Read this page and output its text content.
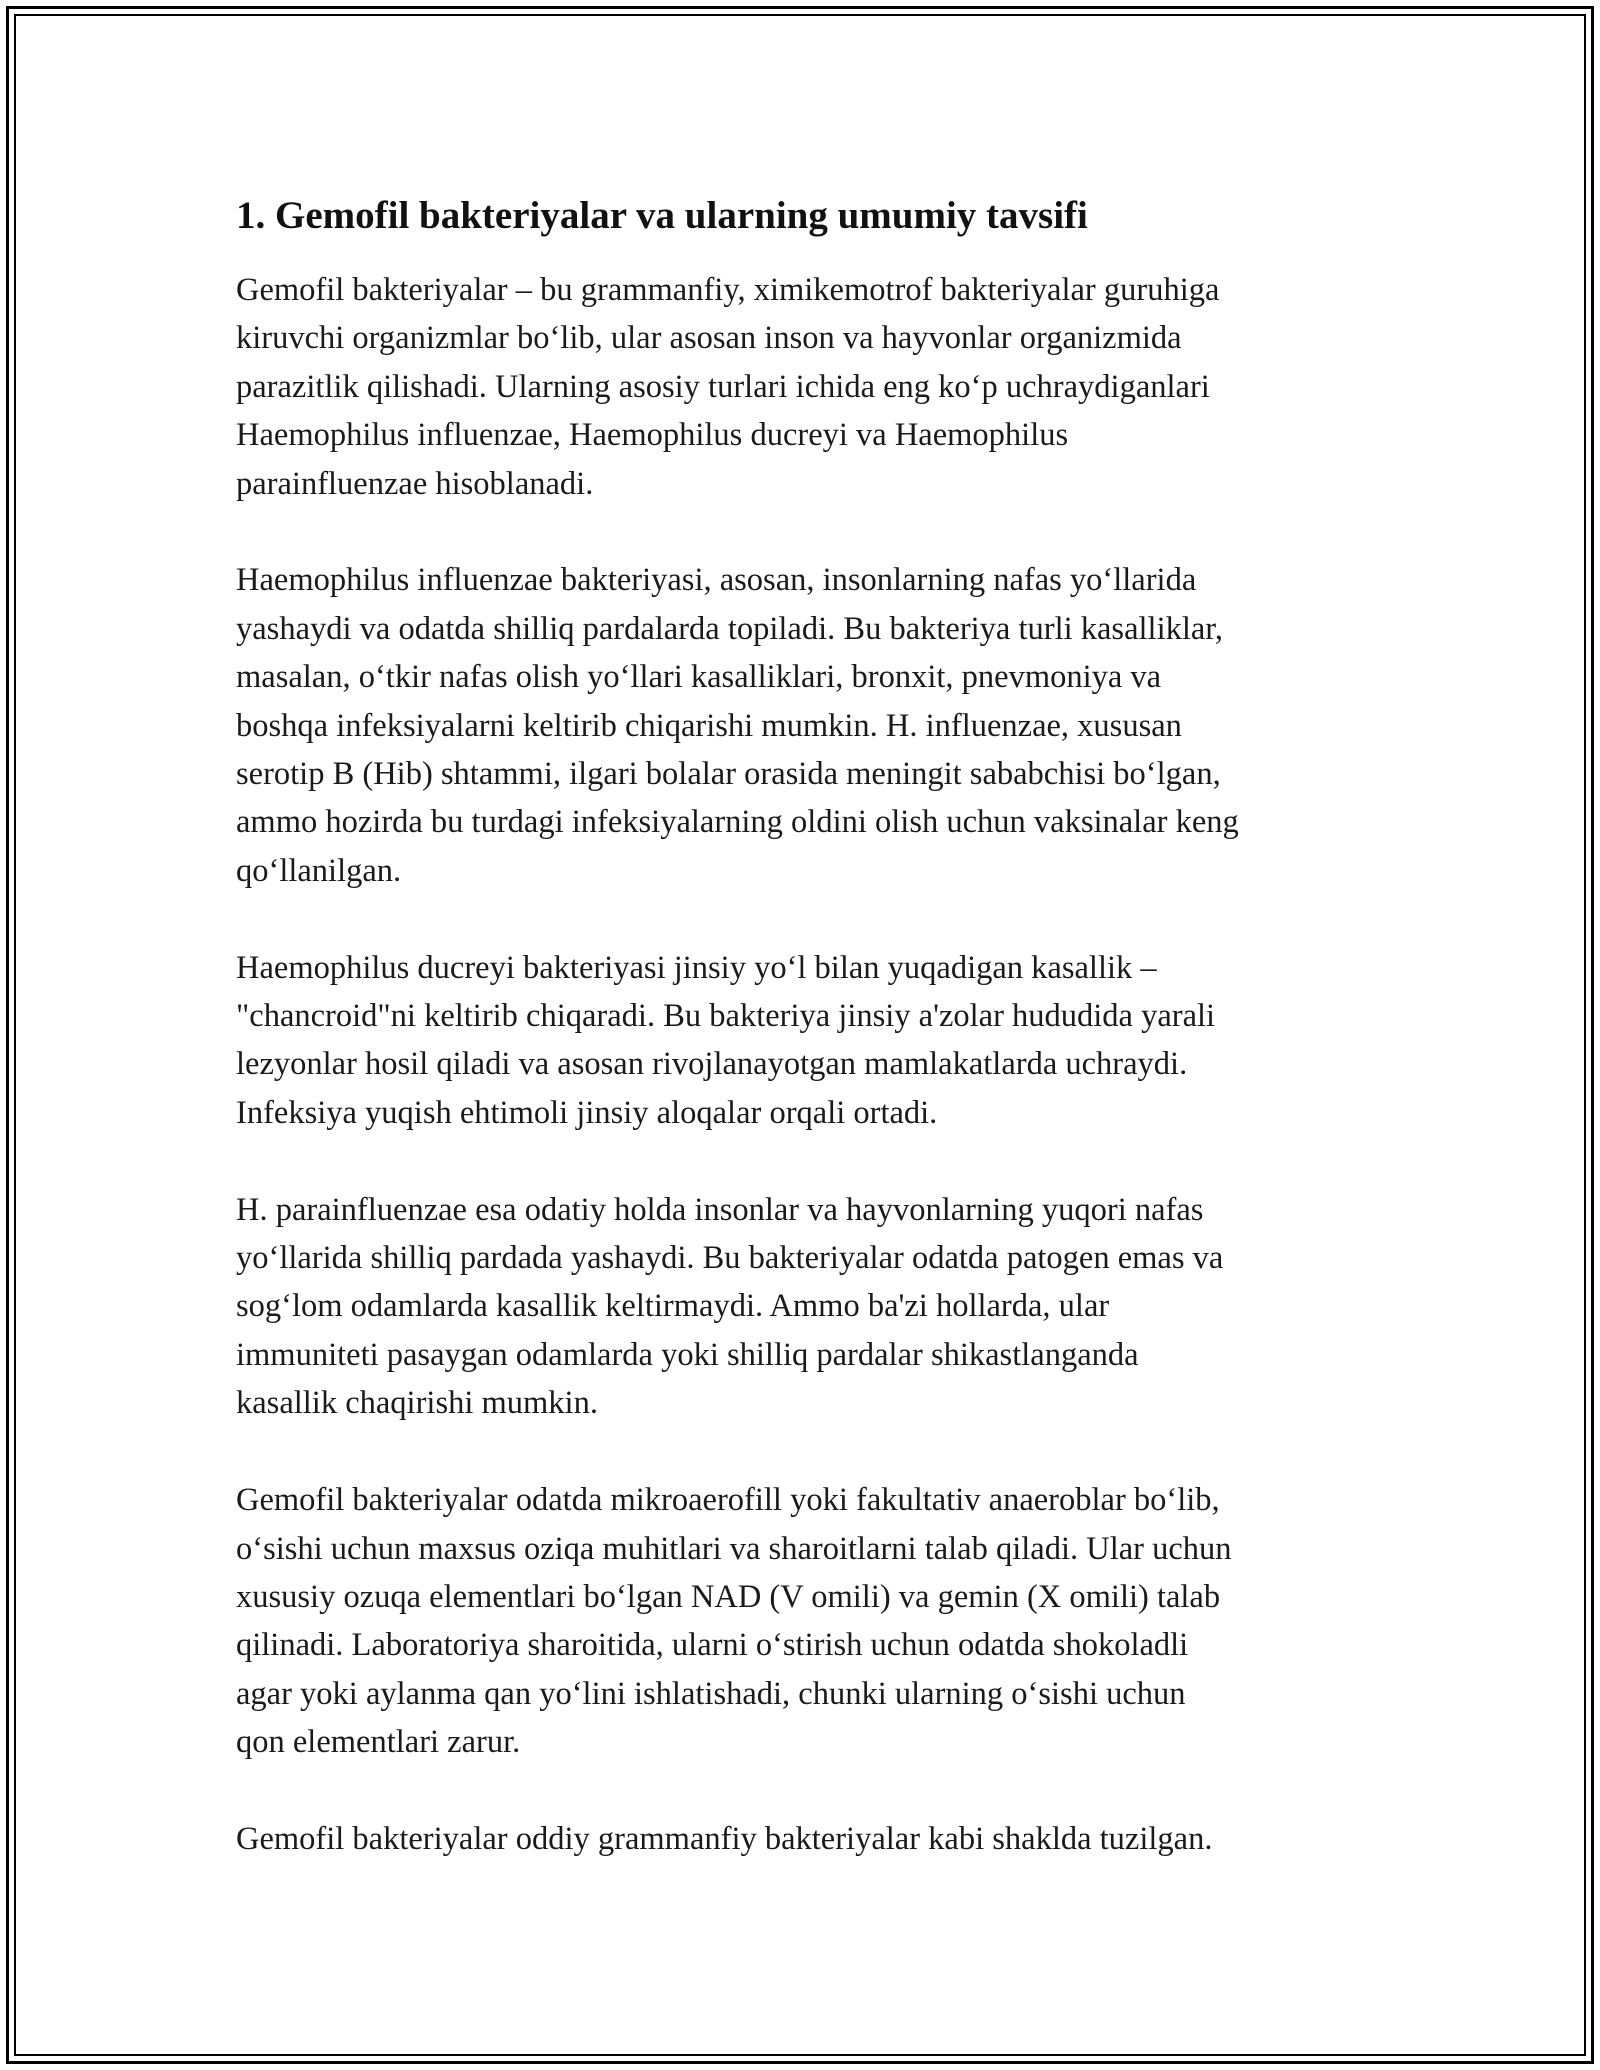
1. Gemofil bakteriyalar va ularning umumiy tavsifi

Gemofil bakteriyalar – bu grammanfiy, ximikemotrof bakteriyalar guruhiga
kiruvchi organizmlar bo‘lib, ular asosan inson va hayvonlar organizmida
parazitlik qilishadi. Ularning asosiy turlari ichida eng ko‘p uchraydiganlari
Haemophilus influenzae, Haemophilus ducreyi va Haemophilus
parainfluenzae hisoblanadi.

Haemophilus influenzae bakteriyasi, asosan, insonlarning nafas yo‘llarida
yashaydi va odatda shilliq pardalarda topiladi. Bu bakteriya turli kasalliklar,
masalan, o‘tkir nafas olish yo‘llari kasalliklari, bronxit, pnevmoniya va
boshqa infeksiyalarni keltirib chiqarishi mumkin. H. influenzae, xususan
serotip B (Hib) shtammi, ilgari bolalar orasida meningit sababchisi bo‘lgan,
ammo hozirda bu turdagi infeksiyalarning oldini olish uchun vaksinalar keng
qo‘llanilgan.

Haemophilus ducreyi bakteriyasi jinsiy yo‘l bilan yuqadigan kasallik –
"chancroid"ni keltirib chiqaradi. Bu bakteriya jinsiy a'zolar hududida yarali
lezyonlar hosil qiladi va asosan rivojlanayotgan mamlakatlarda uchraydi.
Infeksiya yuqish ehtimoli jinsiy aloqalar orqali ortadi.

H. parainfluenzae esa odatiy holda insonlar va hayvonlarning yuqori nafas
yo‘llarida shilliq pardada yashaydi. Bu bakteriyalar odatda patogen emas va
sog‘lom odamlarda kasallik keltirmaydi. Ammo ba'zi hollarda, ular
immuniteti pasaygan odamlarda yoki shilliq pardalar shikastlanganda
kasallik chaqirishi mumkin.

Gemofil bakteriyalar odatda mikroaerofill yoki fakultativ anaeroblar bo‘lib,
o‘sishi uchun maxsus oziqa muhitlari va sharoitlarni talab qiladi. Ular uchun
xususiy ozuqa elementlari bo‘lgan NAD (V omili) va gemin (X omili) talab
qilinadi. Laboratoriya sharoitida, ularni o‘stirish uchun odatda shokoladli
agar yoki aylanma qan yo‘lini ishlatishadi, chunki ularning o‘sishi uchun
qon elementlari zarur.

Gemofil bakteriyalar oddiy grammanfiy bakteriyalar kabi shaklda tuzilgan.
